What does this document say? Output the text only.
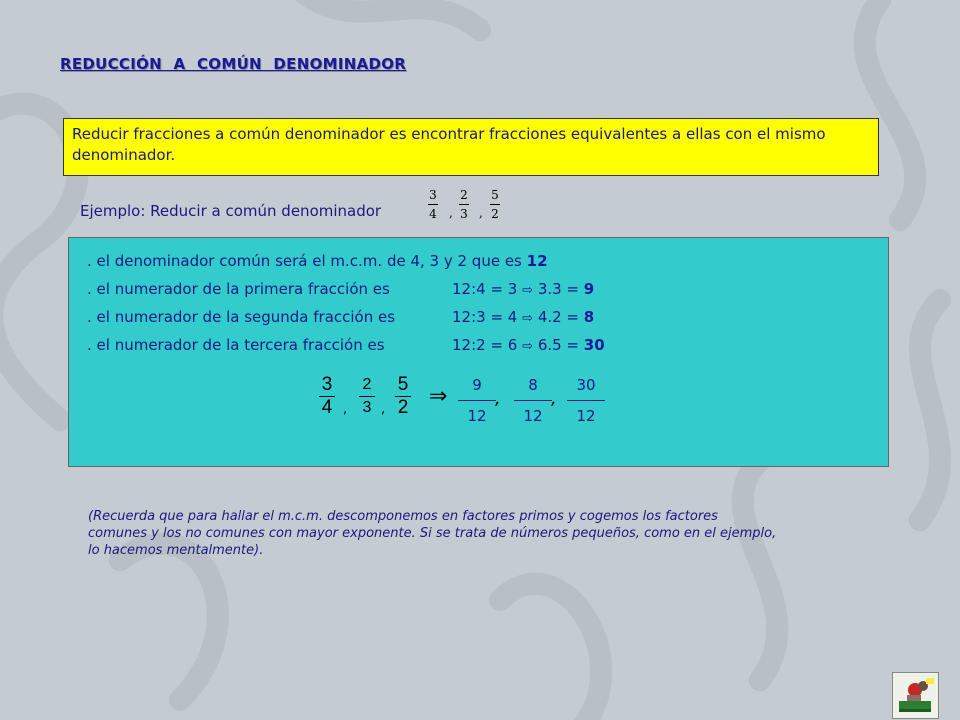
REDUCCIÓN A COMÚN DENOMINADOR
Reducir fracciones a común denominador es encontrar fracciones equivalentes a ellas con el mismo denominador.
Ejemplo: Reducir a común denominador
3
4 ,
2
3 ,
5
2
. el denominador común será el m.c.m. de 4, 3 y 2 que es 12
. el numerador de la primera fracción es	12:4 = 3 ⇨ 3.3 = 9
. el numerador de la segunda fracción es	12:3 = 4 ⇨ 4.2 = 8
. el numerador de la tercera fracción es	12:2 = 6 ⇨ 6.5 = 30
3
4 ,
2
3 ,
5
2 ⇒ 9
12
,
8
12
,
30
12
(Recuerda que para hallar el m.c.m. descomponemos en factores primos y cogemos los factores comunes y los no comunes con mayor exponente. Si se trata de números pequeños, como en el ejemplo, lo hacemos mentalmente).
